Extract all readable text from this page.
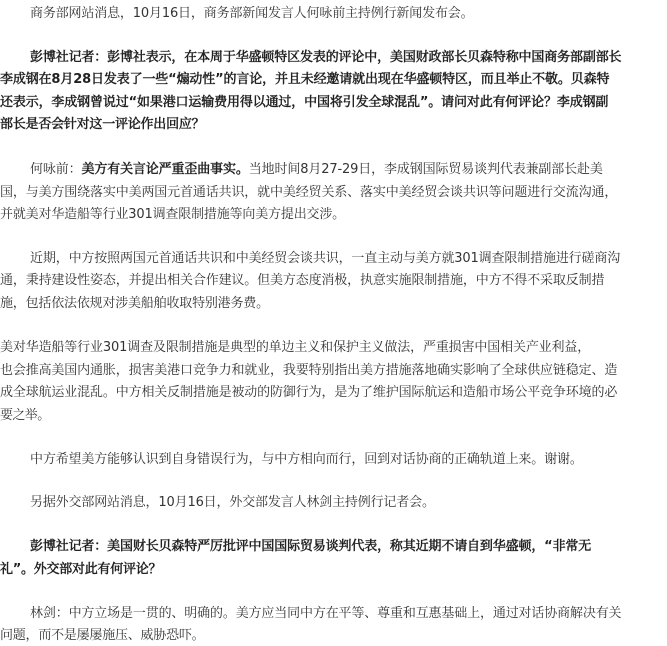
商务部网站消息，10月16日，商务部新闻发言人何咏前主持例行新闻发布会。
彭博社记者：彭博社表示，在本周于华盛顿特区发表的评论中，美国财政部长贝森特称中国商务部副部长
李成钢在8月28日发表了一些“煽动性”的言论，并且未经邀请就出现在华盛顿特区，而且举止不敬。贝森特
还表示，李成钢曾说过“如果港口运输费用得以通过，中国将引发全球混乱”。请问对此有何评论？李成钢副
部长是否会针对这一评论作出回应？
何咏前：美方有关言论严重歪曲事实。当地时间8月27-29日，李成钢国际贸易谈判代表兼副部长赴美
国，与美方围绕落实中美两国元首通话共识，就中美经贸关系、落实中美经贸会谈共识等问题进行交流沟通，
并就美对华造船等行业301调查限制措施等向美方提出交涉。
近期，中方按照两国元首通话共识和中美经贸会谈共识，一直主动与美方就301调查限制措施进行磋商沟
通，秉持建设性姿态，并提出相关合作建议。但美方态度消极，执意实施限制措施，中方不得不采取反制措
施，包括依法依规对涉美船舶收取特别港务费。
美对华造船等行业301调查及限制措施是典型的单边主义和保护主义做法，严重损害中国相关产业利益，
也会推高美国内通胀，损害美港口竞争力和就业，我要特别指出美方措施落地确实影响了全球供应链稳定、造
成全球航运业混乱。中方相关反制措施是被动的防御行为，是为了维护国际航运和造船市场公平竞争环境的必
要之举。
中方希望美方能够认识到自身错误行为，与中方相向而行，回到对话协商的正确轨道上来。谢谢。
另据外交部网站消息，10月16日，外交部发言人林剑主持例行记者会。
彭博社记者：美国财长贝森特严厉批评中国国际贸易谈判代表，称其近期不请自到华盛顿，“非常无
礼”。外交部对此有何评论？
林剑：中方立场是一贯的、明确的。美方应当同中方在平等、尊重和互惠基础上，通过对话协商解决有关
问题，而不是屡屡施压、威胁恐吓。
